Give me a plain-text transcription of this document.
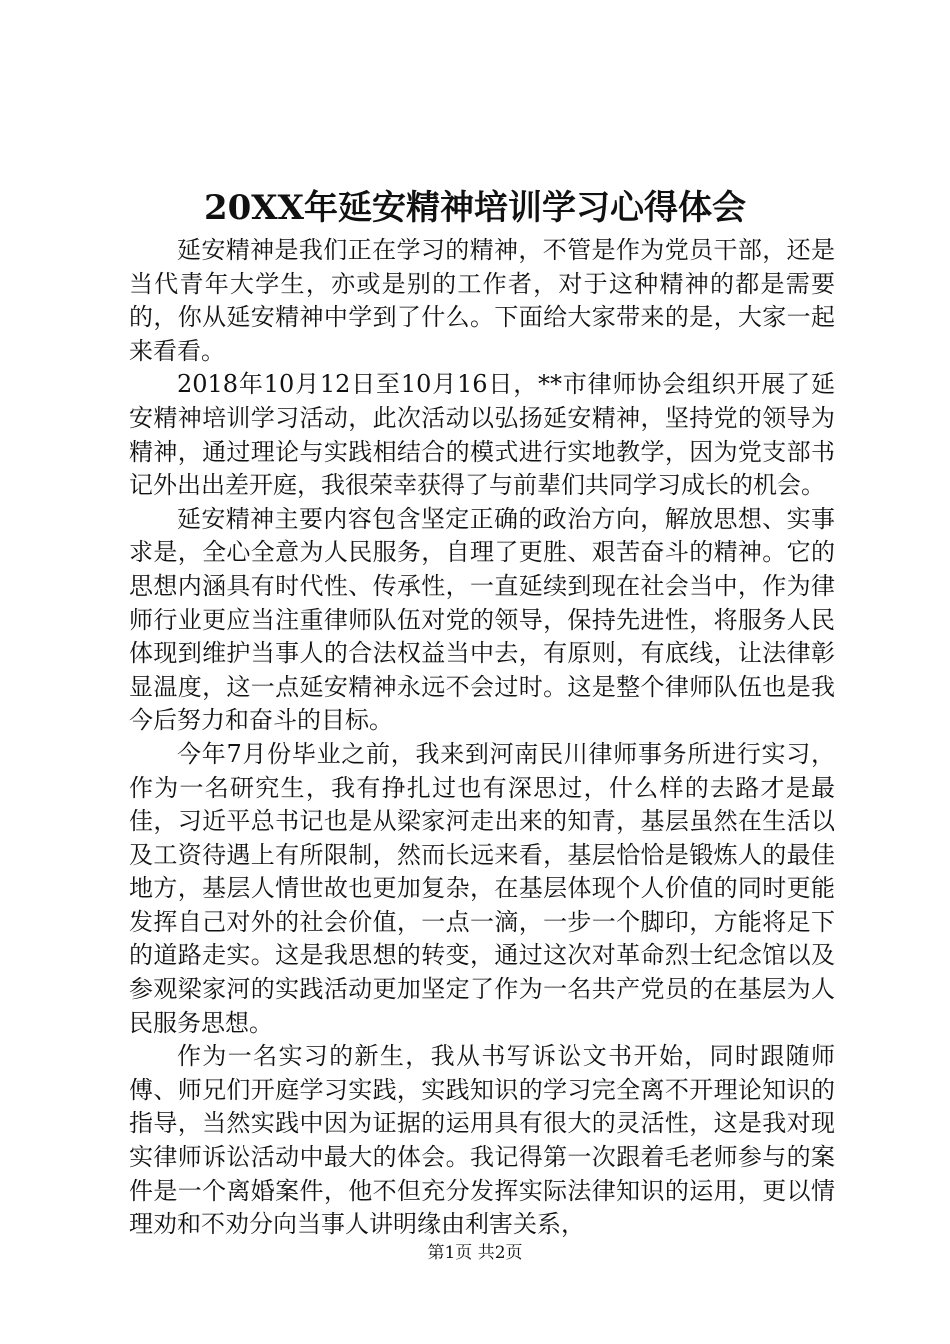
20XX年延安精神培训学习心得体会

延安精神是我们正在学习的精神，不管是作为党员干部，还是当代青年大学生，亦或是别的工作者，对于这种精神的都是需要的，你从延安精神中学到了什么。下面给大家带来的是，大家一起来看看。

2018年10月12日至10月16日，**市律师协会组织开展了延安精神培训学习活动，此次活动以弘扬延安精神，坚持党的领导为精神，通过理论与实践相结合的模式进行实地教学，因为党支部书记外出出差开庭，我很荣幸获得了与前辈们共同学习成长的机会。

延安精神主要内容包含坚定正确的政治方向，解放思想、实事求是，全心全意为人民服务，自理了更胜、艰苦奋斗的精神。它的思想内涵具有时代性、传承性，一直延续到现在社会当中，作为律师行业更应当注重律师队伍对党的领导，保持先进性，将服务人民体现到维护当事人的合法权益当中去，有原则，有底线，让法律彰显温度，这一点延安精神永远不会过时。这是整个律师队伍也是我今后努力和奋斗的目标。

今年7月份毕业之前，我来到河南民川律师事务所进行实习，作为一名研究生，我有挣扎过也有深思过，什么样的去路才是最佳，习近平总书记也是从梁家河走出来的知青，基层虽然在生活以及工资待遇上有所限制，然而长远来看，基层恰恰是锻炼人的最佳地方，基层人情世故也更加复杂，在基层体现个人价值的同时更能发挥自己对外的社会价值，一点一滴，一步一个脚印，方能将足下的道路走实。这是我思想的转变，通过这次对革命烈士纪念馆以及参观梁家河的实践活动更加坚定了作为一名共产党员的在基层为人民服务思想。

作为一名实习的新生，我从书写诉讼文书开始，同时跟随师傅、师兄们开庭学习实践，实践知识的学习完全离不开理论知识的指导，当然实践中因为证据的运用具有很大的灵活性，这是我对现实律师诉讼活动中最大的体会。我记得第一次跟着毛老师参与的案件是一个离婚案件，他不但充分发挥实际法律知识的运用，更以情理劝和不劝分向当事人讲明缘由利害关系，

第1页 共2页
